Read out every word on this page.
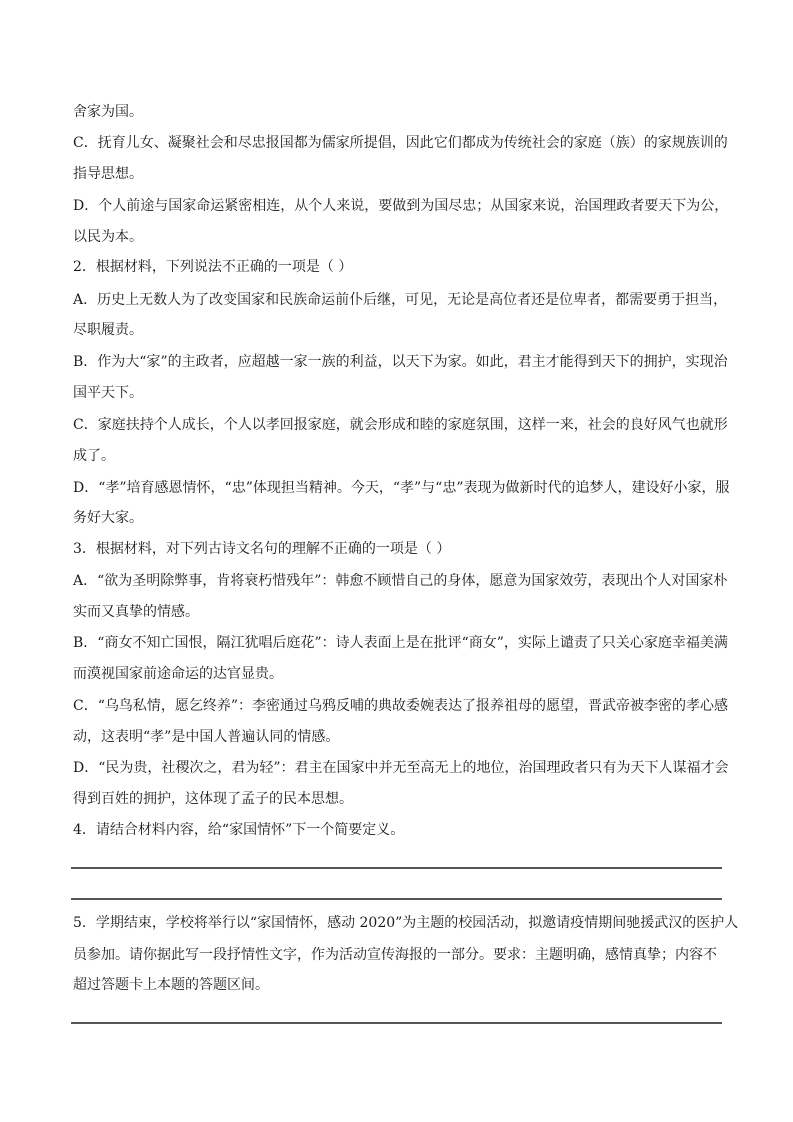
舍家为国。
C．抚育儿女、凝聚社会和尽忠报国都为儒家所提倡，因此它们都成为传统社会的家庭（族）的家规族训的
指导思想。
D．个人前途与国家命运紧密相连，从个人来说，要做到为国尽忠；从国家来说，治国理政者要天下为公，
以民为本。
2．根据材料，下列说法不正确的一项是（ ）
A．历史上无数人为了改变国家和民族命运前仆后继，可见，无论是高位者还是位卑者，都需要勇于担当，
尽职履责。
B．作为大“家”的主政者，应超越一家一族的利益，以天下为家。如此，君主才能得到天下的拥护，实现治
国平天下。
C．家庭扶持个人成长，个人以孝回报家庭，就会形成和睦的家庭氛围，这样一来，社会的良好风气也就形
成了。
D．“孝”培育感恩情怀，“忠”体现担当精神。今天，“孝”与“忠”表现为做新时代的追梦人，建设好小家，服
务好大家。
3．根据材料，对下列古诗文名句的理解不正确的一项是（ ）
A．“欲为圣明除弊事，肯将衰朽惜残年”：韩愈不顾惜自己的身体，愿意为国家效劳，表现出个人对国家朴
实而又真挚的情感。
B．“商女不知亡国恨，隔江犹唱后庭花”：诗人表面上是在批评“商女”，实际上谴责了只关心家庭幸福美满
而漠视国家前途命运的达官显贵。
C．“乌鸟私情，愿乞终养”：李密通过乌鸦反哺的典故委婉表达了报养祖母的愿望，晋武帝被李密的孝心感
动，这表明“孝”是中国人普遍认同的情感。
D．“民为贵，社稷次之，君为轻”：君主在国家中并无至高无上的地位，治国理政者只有为天下人谋福才会
得到百姓的拥护，这体现了孟子的民本思想。
4．请结合材料内容，给“家国情怀”下一个简要定义。
5．学期结束，学校将举行以“家国情怀，感动 2020”为主题的校园活动，拟邀请疫情期间驰援武汉的医护人
员参加。请你据此写一段抒情性文字，作为活动宣传海报的一部分。要求：主题明确，感情真挚；内容不
超过答题卡上本题的答题区间。
